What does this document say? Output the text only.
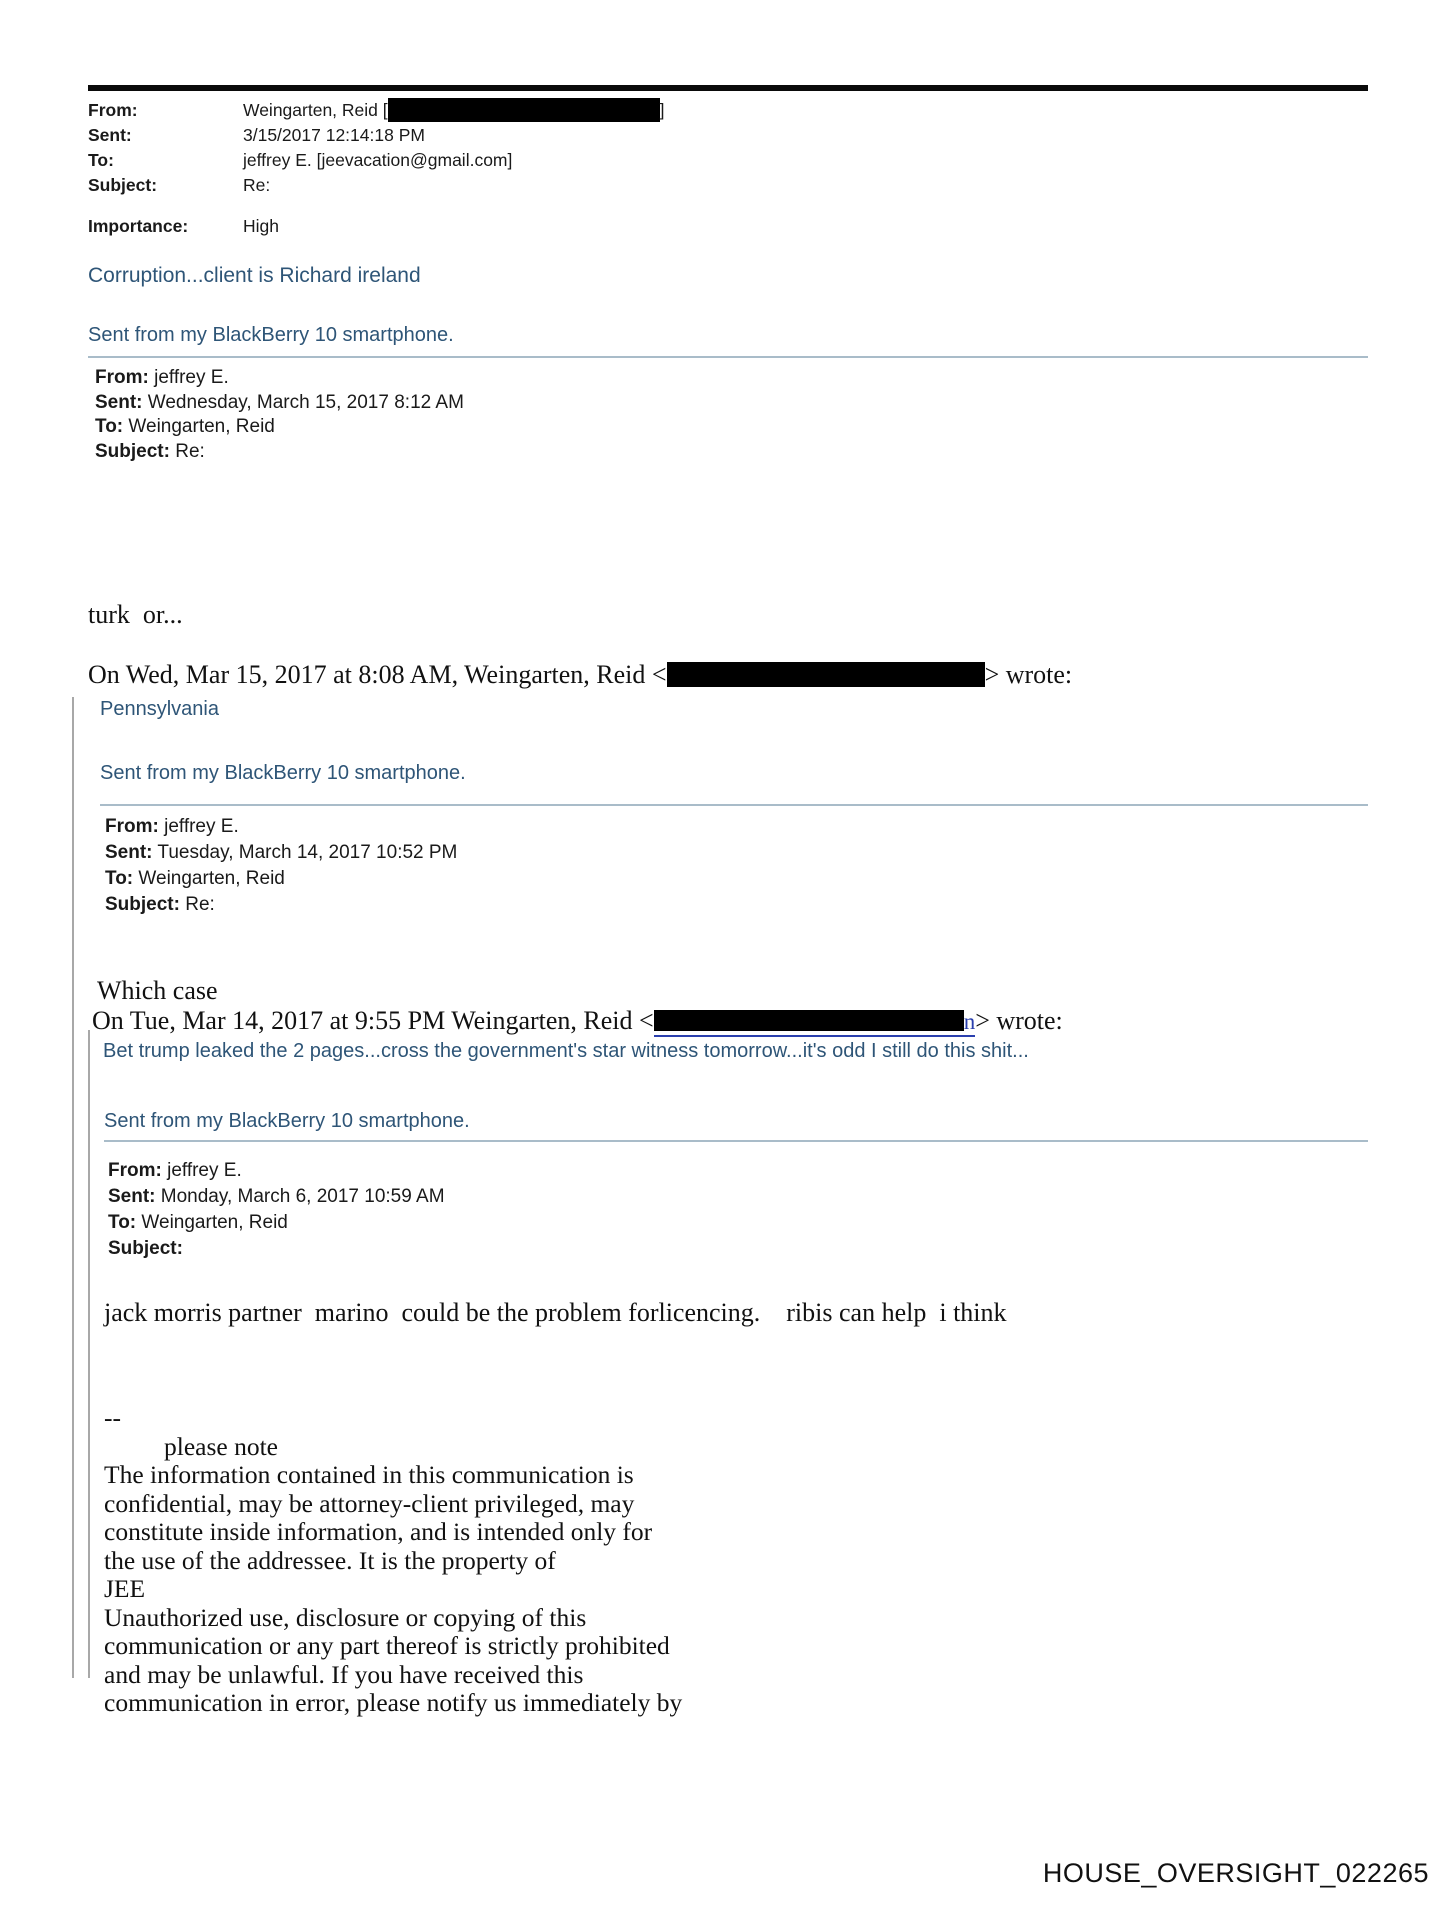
From:	Weingarten, Reid [	]
Sent:	3/15/2017 12:14:18 PM
To:	jeffrey E. [jeevacation@gmail.com]
Subject:	Re:
Importance:	High
Corruption...client is Richard ireland
Sent from my BlackBerry 10 smartphone.
From: jeffrey E.
Sent: Wednesday, March 15, 2017 8:12 AM
To: Weingarten, Reid
Subject: Re:
turk  or...
On Wed, Mar 15, 2017 at 8:08 AM, Weingarten, Reid <	> wrote:
Pennsylvania
Sent from my BlackBerry 10 smartphone.
From: jeffrey E.
Sent: Tuesday, March 14, 2017 10:52 PM
To: Weingarten, Reid
Subject: Re:
Which case
On Tue, Mar 14, 2017 at 9:55 PM Weingarten, Reid <	n> wrote:
Bet trump leaked the 2 pages...cross the government's star witness tomorrow...it's odd I still do this shit...
Sent from my BlackBerry 10 smartphone.
From: jeffrey E.
Sent: Monday, March 6, 2017 10:59 AM
To: Weingarten, Reid
Subject:
jack morris partner  marino  could be the problem forlicencing.    ribis can help  i think
--
please note
The information contained in this communication is
confidential, may be attorney-client privileged, may
constitute inside information, and is intended only for
the use of the addressee. It is the property of
JEE
Unauthorized use, disclosure or copying of this
communication or any part thereof is strictly prohibited
and may be unlawful. If you have received this
communication in error, please notify us immediately by
HOUSE_OVERSIGHT_022265
